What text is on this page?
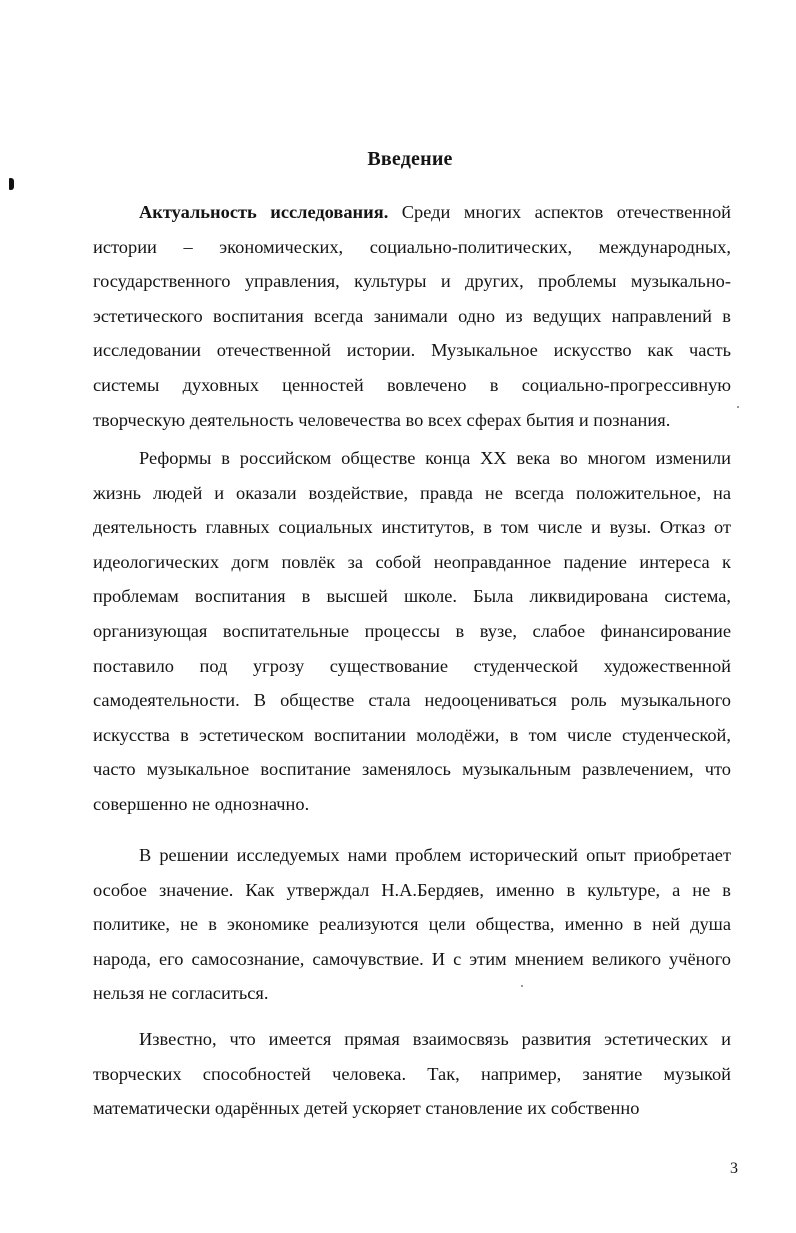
Введение

Актуальность исследования. Среди многих аспектов отечественной истории – экономических, социально-политических, международных, государственного управления, культуры и других, проблемы музыкально-эстетического воспитания всегда занимали одно из ведущих направлений в исследовании отечественной истории. Музыкальное искусство как часть системы духовных ценностей вовлечено в социально-прогрессивную творческую деятельность человечества во всех сферах бытия и познания.

Реформы в российском обществе конца XX века во многом изменили жизнь людей и оказали воздействие, правда не всегда положительное, на деятельность главных социальных институтов, в том числе и вузы. Отказ от идеологических догм повлёк за собой неоправданное падение интереса к проблемам воспитания в высшей школе. Была ликвидирована система, организующая воспитательные процессы в вузе, слабое финансирование поставило под угрозу существование студенческой художественной самодеятельности. В обществе стала недооцениваться роль музыкального искусства в эстетическом воспитании молодёжи, в том числе студенческой, часто музыкальное воспитание заменялось музыкальным развлечением, что совершенно не однозначно.

В решении исследуемых нами проблем исторический опыт приобретает особое значение. Как утверждал Н.А.Бердяев, именно в культуре, а не в политике, не в экономике реализуются цели общества, именно в ней душа народа, его самосознание, самочувствие. И с этим мнением великого учёного нельзя не согласиться.

Известно, что имеется прямая взаимосвязь развития эстетических и творческих способностей человека. Так, например, занятие музыкой математически одарённых детей ускоряет становление их собственно

3
